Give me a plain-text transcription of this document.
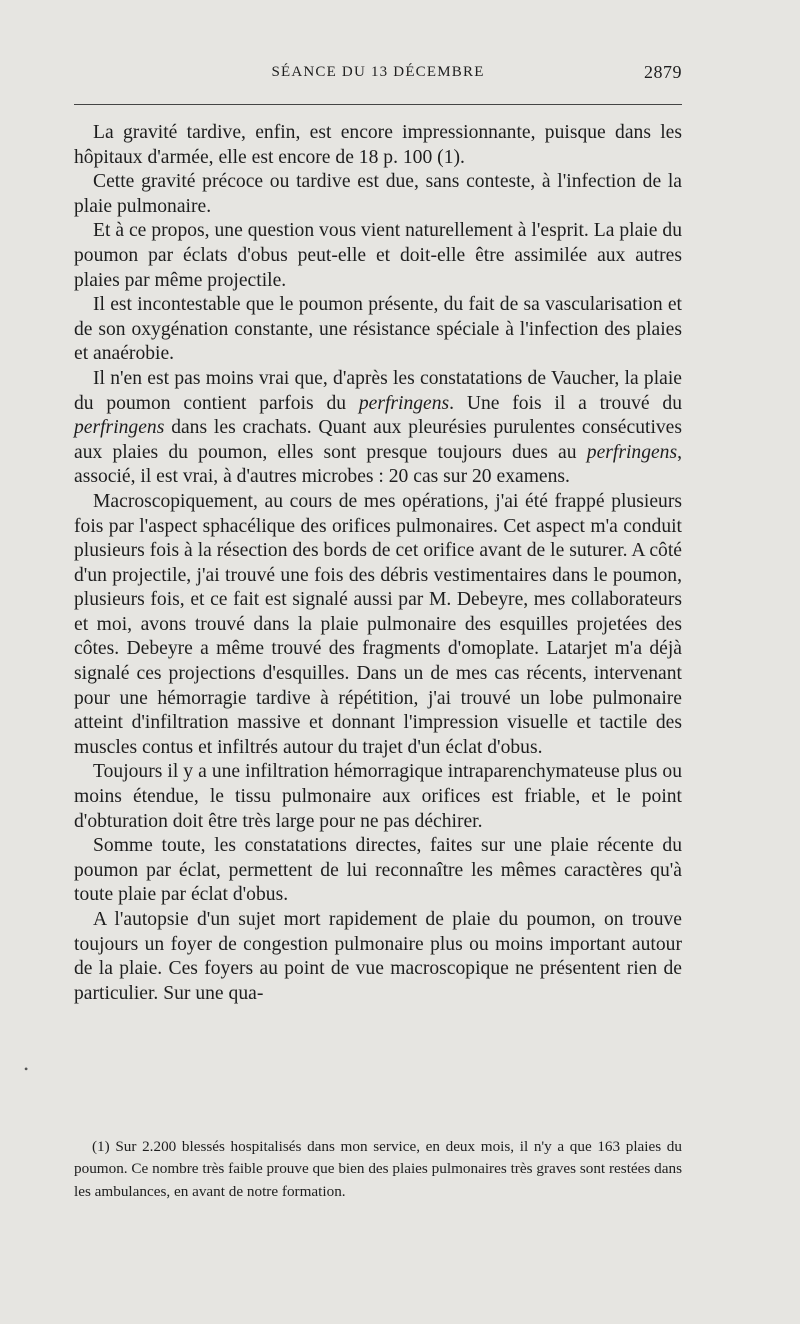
SÉANCE DU 13 DÉCEMBRE	2879

La gravité tardive, enfin, est encore impressionnante, puisque dans les hôpitaux d'armée, elle est encore de 18 p. 100 (1).

Cette gravité précoce ou tardive est due, sans conteste, à l'infection de la plaie pulmonaire.

Et à ce propos, une question vous vient naturellement à l'esprit. La plaie du poumon par éclats d'obus peut-elle et doit-elle être assimilée aux autres plaies par même projectile.

Il est incontestable que le poumon présente, du fait de sa vascularisation et de son oxygénation constante, une résistance spéciale à l'infection des plaies et anaérobie.

Il n'en est pas moins vrai que, d'après les constatations de Vaucher, la plaie du poumon contient parfois du perfringens. Une fois il a trouvé du perfringens dans les crachats. Quant aux pleurésies purulentes consécutives aux plaies du poumon, elles sont presque toujours dues au perfringens, associé, il est vrai, à d'autres microbes : 20 cas sur 20 examens.

Macroscopiquement, au cours de mes opérations, j'ai été frappé plusieurs fois par l'aspect sphacélique des orifices pulmonaires. Cet aspect m'a conduit plusieurs fois à la résection des bords de cet orifice avant de le suturer. A côté d'un projectile, j'ai trouvé une fois des débris vestimentaires dans le poumon, plusieurs fois, et ce fait est signalé aussi par M. Debeyre, mes collaborateurs et moi, avons trouvé dans la plaie pulmonaire des esquilles projetées des côtes. Debeyre a même trouvé des fragments d'omoplate. Latarjet m'a déjà signalé ces projections d'esquilles. Dans un de mes cas récents, intervenant pour une hémorragie tardive à répétition, j'ai trouvé un lobe pulmonaire atteint d'infiltration massive et donnant l'impression visuelle et tactile des muscles contus et infiltrés autour du trajet d'un éclat d'obus.

Toujours il y a une infiltration hémorragique intraparenchymateuse plus ou moins étendue, le tissu pulmonaire aux orifices est friable, et le point d'obturation doit être très large pour ne pas déchirer.

Somme toute, les constatations directes, faites sur une plaie récente du poumon par éclat, permettent de lui reconnaître les mêmes caractères qu'à toute plaie par éclat d'obus.

A l'autopsie d'un sujet mort rapidement de plaie du poumon, on trouve toujours un foyer de congestion pulmonaire plus ou moins important autour de la plaie. Ces foyers au point de vue macroscopique ne présentent rien de particulier. Sur une qua-

•
(1) Sur 2.200 blessés hospitalisés dans mon service, en deux mois, il n'y a que 163 plaies du poumon. Ce nombre très faible prouve que bien des plaies pulmonaires très graves sont restées dans les ambulances, en avant de notre formation.
